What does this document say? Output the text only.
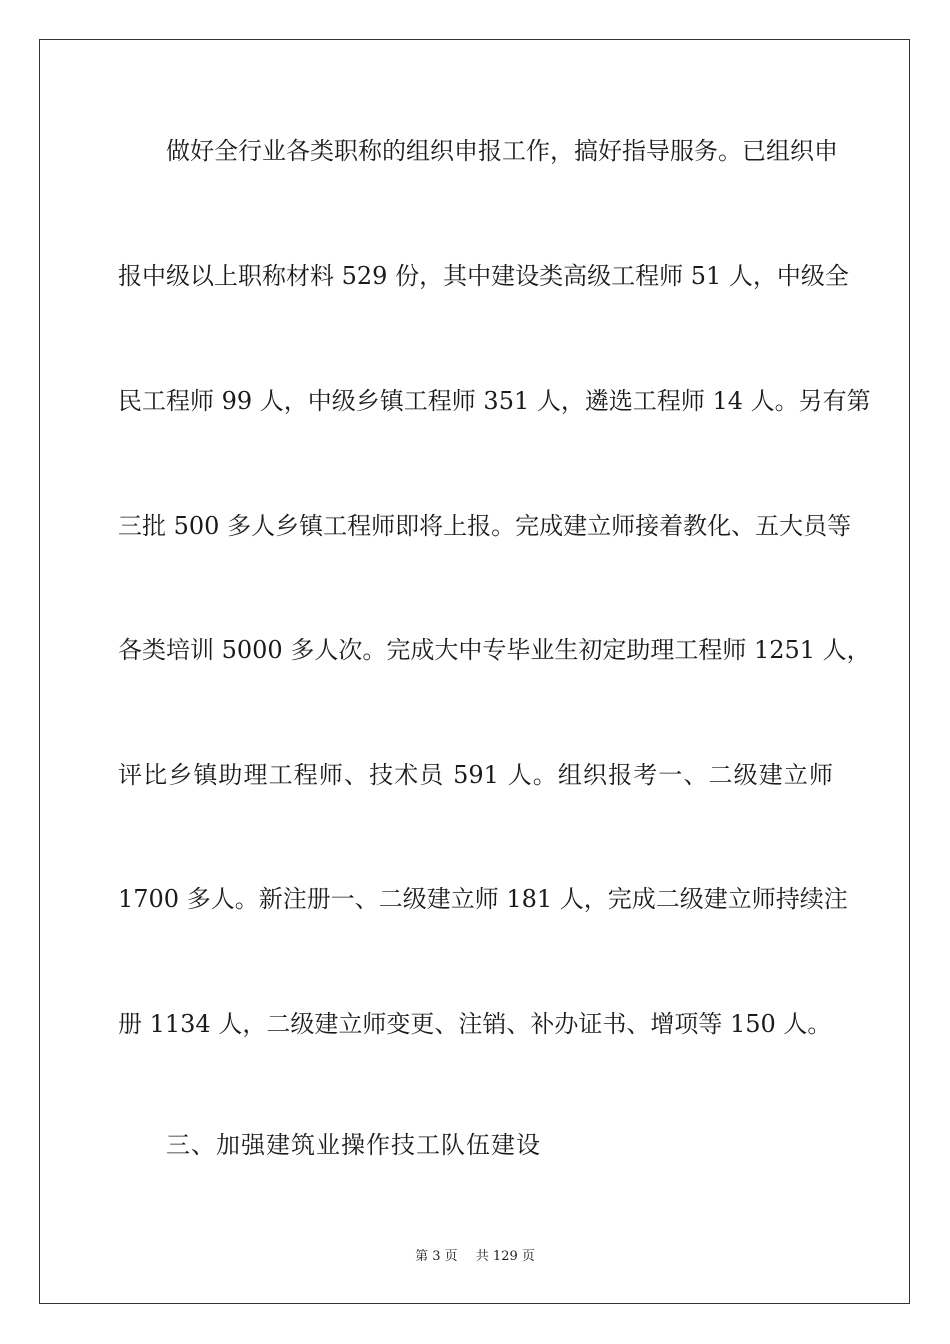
做好全行业各类职称的组织申报工作，搞好指导服务。已组织申
报中级以上职称材料 529 份，其中建设类高级工程师 51 人，中级全
民工程师 99 人，中级乡镇工程师 351 人，遴选工程师 14 人。另有第
三批 500 多人乡镇工程师即将上报。完成建立师接着教化、五大员等
各类培训 5000 多人次。完成大中专毕业生初定助理工程师 1251 人，
评比乡镇助理工程师、技术员 591 人。组织报考一、二级建立师
1700 多人。新注册一、二级建立师 181 人，完成二级建立师持续注
册 1134 人，二级建立师变更、注销、补办证书、增项等 150 人。
三、加强建筑业操作技工队伍建设
第 3 页 共 129 页
